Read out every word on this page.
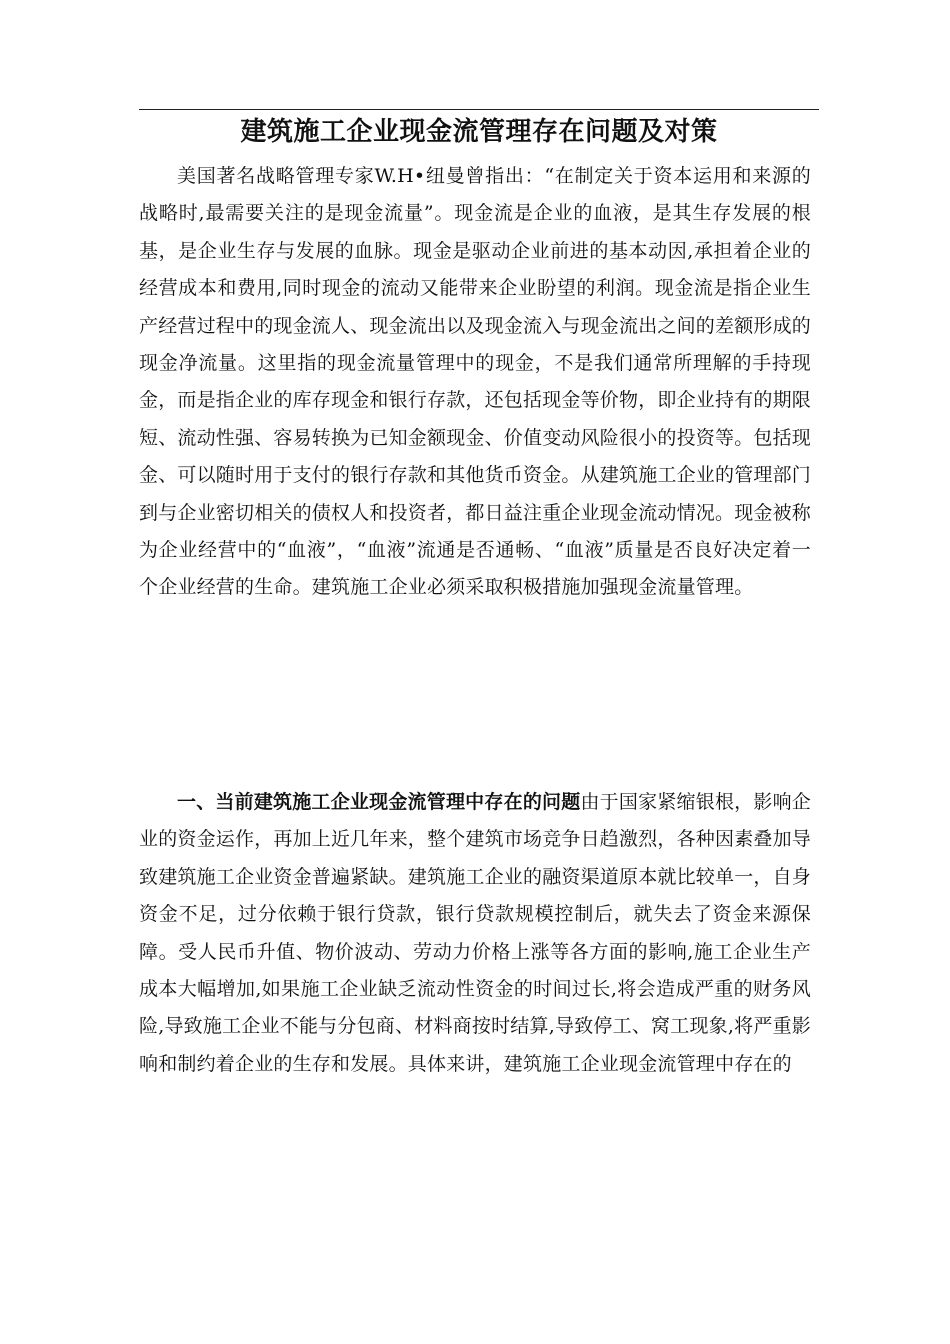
建筑施工企业现金流管理存在问题及对策

美国著名战略管理专家W.H•纽曼曾指出：“在制定关于资本运用和来源的战略时,最需要关注的是现金流量”。现金流是企业的血液，是其生存发展的根基，是企业生存与发展的血脉。现金是驱动企业前进的基本动因,承担着企业的经营成本和费用,同时现金的流动又能带来企业盼望的利润。现金流是指企业生产经营过程中的现金流人、现金流出以及现金流入与现金流出之间的差额形成的现金净流量。这里指的现金流量管理中的现金，不是我们通常所理解的手持现金，而是指企业的库存现金和银行存款，还包括现金等价物，即企业持有的期限短、流动性强、容易转换为已知金额现金、价值变动风险很小的投资等。包括现金、可以随时用于支付的银行存款和其他货币资金。从建筑施工企业的管理部门到与企业密切相关的债权人和投资者，都日益注重企业现金流动情况。现金被称为企业经营中的“血液”，“血液”流通是否通畅、“血液”质量是否良好决定着一个企业经营的生命。建筑施工企业必须采取积极措施加强现金流量管理。

一、当前建筑施工企业现金流管理中存在的问题由于国家紧缩银根，影响企业的资金运作，再加上近几年来，整个建筑市场竞争日趋激烈，各种因素叠加导致建筑施工企业资金普遍紧缺。建筑施工企业的融资渠道原本就比较单一，自身资金不足，过分依赖于银行贷款，银行贷款规模控制后，就失去了资金来源保障。受人民币升值、物价波动、劳动力价格上涨等各方面的影响,施工企业生产成本大幅增加,如果施工企业缺乏流动性资金的时间过长,将会造成严重的财务风险,导致施工企业不能与分包商、材料商按时结算,导致停工、窝工现象,将严重影响和制约着企业的生存和发展。具体来讲，建筑施工企业现金流管理中存在的
